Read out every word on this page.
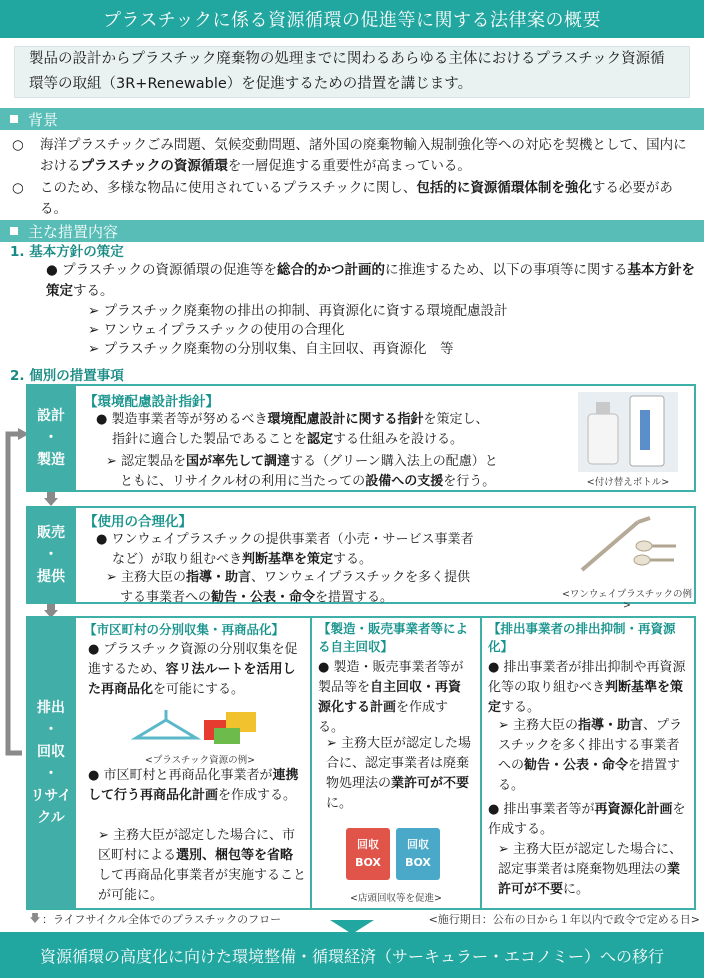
プラスチックに係る資源循環の促進等に関する法律案の概要
製品の設計からプラスチック廃棄物の処理までに関わるあらゆる主体におけるプラスチック資源循環等の取組（3R+Renewable）を促進するための措置を講じます。
背景
○ 海洋プラスチックごみ問題、気候変動問題、諸外国の廃棄物輸入規制強化等への対応を契機として、国内におけるプラスチックの資源循環を一層促進する重要性が高まっている。
○ このため、多様な物品に使用されているプラスチックに関し、包括的に資源循環体制を強化する必要がある。
主な措置内容
1. 基本方針の策定
● プラスチックの資源循環の促進等を総合的かつ計画的に推進するため、以下の事項等に関する基本方針を策定する。
➢ プラスチック廃棄物の排出の抑制、再資源化に資する環境配慮設計
➢ ワンウェイプラスチックの使用の合理化
➢ プラスチック廃棄物の分別収集、自主回収、再資源化　等
2. 個別の措置事項
設計
・
製造
【環境配慮設計指針】
● 製造事業者等が努めるべき環境配慮設計に関する指針を策定し、
指針に適合した製品であることを認定する仕組みを設ける。
➢ 認定製品を国が率先して調達する（グリーン購入法上の配慮）と
ともに、リサイクル材の利用に当たっての設備への支援を行う。	<付け替えボトル>
販売
・
提供
【使用の合理化】
● ワンウェイプラスチックの提供事業者（小売・サービス事業者
など）が取り組むべき判断基準を策定する。
➢ 主務大臣の指導・助言、ワンウェイプラスチックを多く提供
する事業者への勧告・公表・命令を措置する。	<ワンウェイプラスチックの例>
排出
・
回収
・
リサイ
クル
【市区町村の分別収集・再商品化】
● プラスチック資源の分別収集を促進するため、容リ法ルートを活用した再商品化を可能にする。
<プラスチック資源の例>
● 市区町村と再商品化事業者が連携して行う再商品化計画を作成する。
➢ 主務大臣が認定した場合に、市区町村による選別、梱包等を省略して再商品化事業者が実施することが可能に。
【製造・販売事業者等による自主回収】
● 製造・販売事業者等が製品等を自主回収・再資源化する計画を作成する。
➢ 主務大臣が認定した場合に、認定事業者は廃棄物処理法の業許可が不要に。
回収
BOX
回収
BOX
<店頭回収等を促進>
【排出事業者の排出抑制・再資源化】
● 排出事業者が排出抑制や再資源化等の取り組むべき判断基準を策定する。
➢ 主務大臣の指導・助言、プラスチックを多く排出する事業者への勧告・公表・命令を措置する。
● 排出事業者等が再資源化計画を作成する。
➢ 主務大臣が認定した場合に、認定事業者は廃棄物処理法の業許可が不要に。
：ライフサイクル全体でのプラスチックのフロー	<施行期日：公布の日から１年以内で政令で定める日>
資源循環の高度化に向けた環境整備・循環経済（サーキュラー・エコノミー）への移行
